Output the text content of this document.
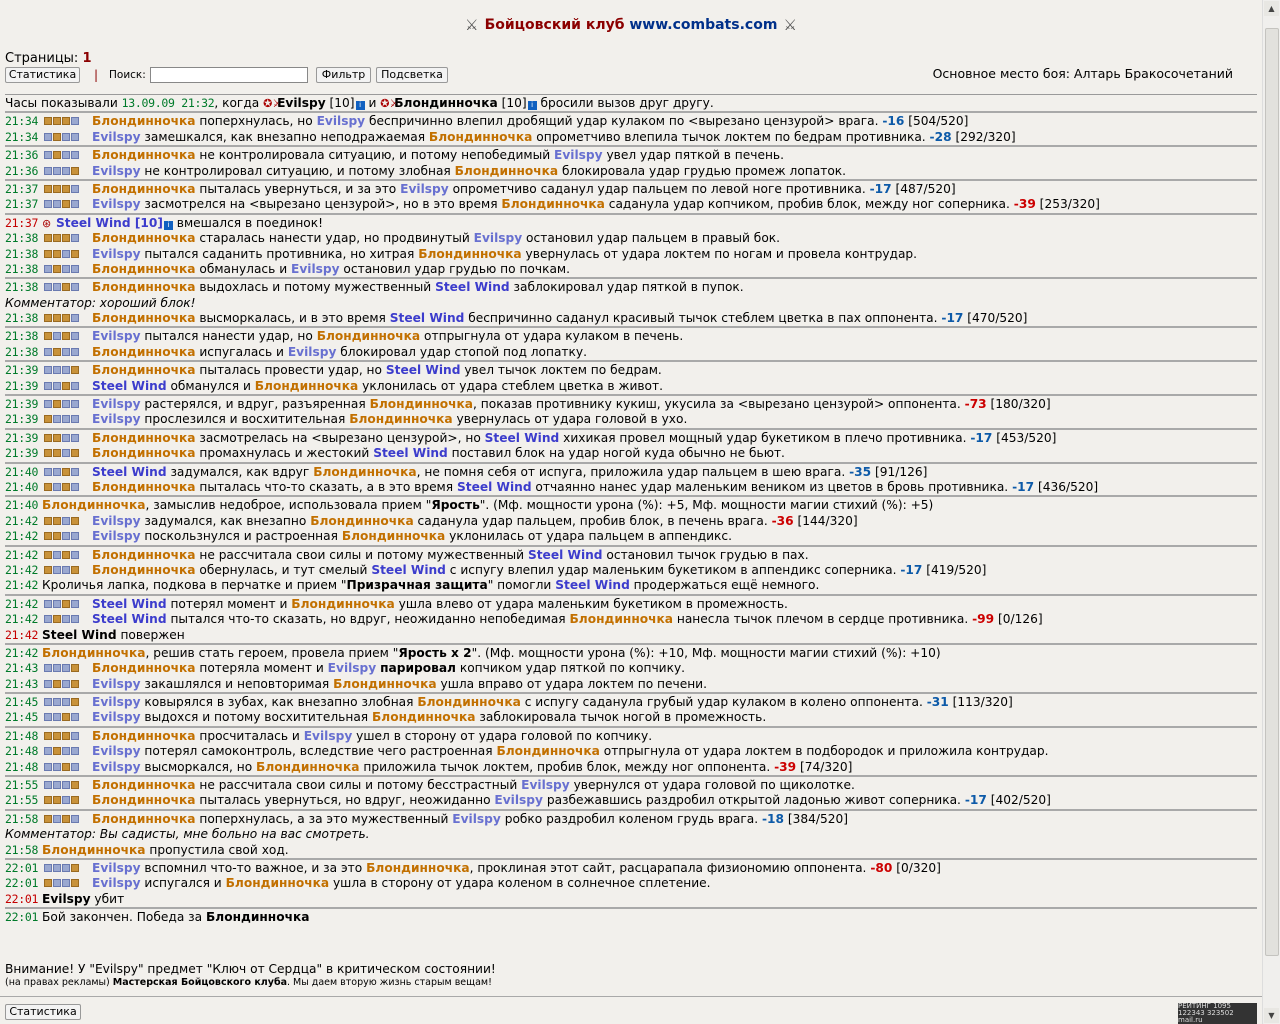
⚔ Бойцовский клуб www.combats.com ⚔
Страницы: 1
Статистика	| Поиск:	Фильтр	Подсветка	Основное место боя: Алтарь Бракосочетаний
Часы показывали 13.09.09 21:32, когда ✪⚔Evilspy [10] i и ✪⚔Блондинночка [10] i бросили вызов друг другу.
21:34	Блондинночка поперхнулась, но Evilspy беспричинно влепил дробящий удар кулаком по <вырезано цензурой> врага. -16 [504/520]
21:34	Evilspy замешкался, как внезапно неподражаемая Блондинночка опрометчиво влепила тычок локтем по бедрам противника. -28 [292/320]
21:36	Блондинночка не контролировала ситуацию, и потому непобедимый Evilspy увел удар пяткой в печень.
21:36	Evilspy не контролировал ситуацию, и потому злобная Блондинночка блокировала удар грудью промеж лопаток.
21:37	Блондинночка пыталась увернуться, и за это Evilspy опрометчиво саданул удар пальцем по левой ноге противника. -17 [487/520]
21:37	Evilspy засмотрелся на <вырезано цензурой>, но в это время Блондинночка саданула удар копчиком, пробив блок, между ног соперника. -39 [253/320]
21:37 ⊛ Steel Wind [10] i вмешался в поединок!
21:38	Блондинночка старалась нанести удар, но продвинутый Evilspy остановил удар пальцем в правый бок.
21:38	Evilspy пытался саданить противника, но хитрая Блондинночка увернулась от удара локтем по ногам и провела контрудар.
21:38	Блондинночка обманулась и Evilspy остановил удар грудью по почкам.
21:38	Блондинночка выдохлась и потому мужественный Steel Wind заблокировал удар пяткой в пупок.
Комментатор: хороший блок!
21:38	Блондинночка высморкалась, и в это время Steel Wind беспричинно саданул красивый тычок стеблем цветка в пах оппонента. -17 [470/520]
21:38	Evilspy пытался нанести удар, но Блондинночка отпрыгнула от удара кулаком в печень.
21:38	Блондинночка испугалась и Evilspy блокировал удар стопой под лопатку.
21:39	Блондинночка пыталась провести удар, но Steel Wind увел тычок локтем по бедрам.
21:39	Steel Wind обманулся и Блондинночка уклонилась от удара стеблем цветка в живот.
21:39	Evilspy растерялся, и вдруг, разъяренная Блондинночка, показав противнику кукиш, укусила за <вырезано цензурой> оппонента. -73 [180/320]
21:39	Evilspy прослезился и восхитительная Блондинночка увернулась от удара головой в ухо.
21:39	Блондинночка засмотрелась на <вырезано цензурой>, но Steel Wind хихикая провел мощный удар букетиком в плечо противника. -17 [453/520]
21:39	Блондинночка промахнулась и жестокий Steel Wind поставил блок на удар ногой куда обычно не бьют.
21:40	Steel Wind задумался, как вдруг Блондинночка, не помня себя от испуга, приложила удар пальцем в шею врага. -35 [91/126]
21:40	Блондинночка пыталась что-то сказать, а в это время Steel Wind отчаянно нанес удар маленьким веником из цветов в бровь противника. -17 [436/520]
21:40 Блондинночка, замыслив недоброе, использовала прием "Ярость". (Мф. мощности урона (%): +5, Мф. мощности магии стихий (%): +5)
21:42	Evilspy задумался, как внезапно Блондинночка саданула удар пальцем, пробив блок, в печень врага. -36 [144/320]
21:42	Evilspy поскользнулся и растроенная Блондинночка уклонилась от удара пальцем в аппендикс.
21:42	Блондинночка не рассчитала свои силы и потому мужественный Steel Wind остановил тычок грудью в пах.
21:42	Блондинночка обернулась, и тут смелый Steel Wind с испугу влепил удар маленьким букетиком в аппендикс соперника. -17 [419/520]
21:42 Кроличья лапка, подкова в перчатке и прием "Призрачная защита" помогли Steel Wind продержаться ещё немного.
21:42	Steel Wind потерял момент и Блондинночка ушла влево от удара маленьким букетиком в промежность.
21:42	Steel Wind пытался что-то сказать, но вдруг, неожиданно непобедимая Блондинночка нанесла тычок плечом в сердце противника. -99 [0/126]
21:42 Steel Wind повержен
21:42 Блондинночка, решив стать героем, провела прием "Ярость x 2". (Мф. мощности урона (%): +10, Мф. мощности магии стихий (%): +10)
21:43	Блондинночка потеряла момент и Evilspy парировал копчиком удар пяткой по копчику.
21:43	Evilspy закашлялся и неповторимая Блондинночка ушла вправо от удара локтем по печени.
21:45	Evilspy ковырялся в зубах, как внезапно злобная Блондинночка с испугу саданула грубый удар кулаком в колено оппонента. -31 [113/320]
21:45	Evilspy выдохся и потому восхитительная Блондинночка заблокировала тычок ногой в промежность.
21:48	Блондинночка просчиталась и Evilspy ушел в сторону от удара головой по копчику.
21:48	Evilspy потерял самоконтроль, вследствие чего растроенная Блондинночка отпрыгнула от удара локтем в подбородок и приложила контрудар.
21:48	Evilspy высморкался, но Блондинночка приложила тычок локтем, пробив блок, между ног оппонента. -39 [74/320]
21:55	Блондинночка не рассчитала свои силы и потому бесстрастный Evilspy увернулся от удара головой по щиколотке.
21:55	Блондинночка пыталась увернуться, но вдруг, неожиданно Evilspy разбежавшись раздробил открытой ладонью живот соперника. -17 [402/520]
21:58	Блондинночка поперхнулась, а за это мужественный Evilspy робко раздробил коленом грудь врага. -18 [384/520]
Комментатор: Вы садисты, мне больно на вас смотреть.
21:58 Блондинночка пропустила свой ход.
22:01	Evilspy вспомнил что-то важное, и за это Блондинночка, проклиная этот сайт, расцарапала физиономию оппонента. -80 [0/320]
22:01	Evilspy испугался и Блондинночка ушла в сторону от удара коленом в солнечное сплетение.
22:01 Evilspy убит
22:01 Бой закончен. Победа за Блондинночка
Внимание! У "Evilspy" предмет "Ключ от Сердца" в критическом состоянии!
(на правах рекламы) Мастерская Бойцовского клуба. Мы даем вторую жизнь старым вещам!
Статистика	РЕЙТИНГ 1095 122343 323502 mail.ru
▲
▼
